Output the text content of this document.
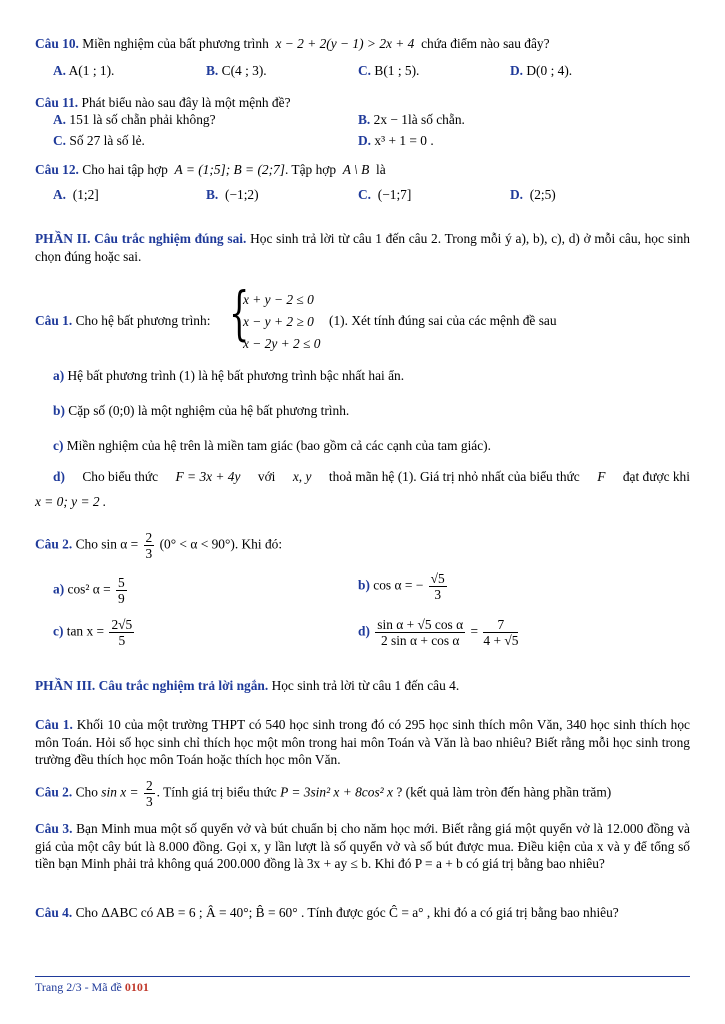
Câu 10. Miền nghiệm của bất phương trình x − 2 + 2(y − 1) > 2x + 4 chứa điểm nào sau đây?
A. A(1 ; 1).	B. C(4 ; 3).	C. B(1 ; 5).	D. D(0 ; 4).
Câu 11. Phát biểu nào sau đây là một mệnh đề?
A. 151 là số chẵn phải không?	B. 2x − 1là số chẵn.
C. Số 27 là số lẻ.	D. x³ + 1 = 0 .
Câu 12. Cho hai tập hợp A = (1;5]; B = (2;7]. Tập hợp A \ B là
A. (1;2]	B. (−1;2)	C. (−1;7]	D. (2;5)
PHẦN II. Câu trắc nghiệm đúng sai. Học sinh trả lời từ câu 1 đến câu 2. Trong mỗi ý a), b), c), d) ở mỗi câu, học sinh chọn đúng hoặc sai.
Câu 1. Cho hệ bất phương trình: {
x + y − 2 ≤ 0
x − y + 2 ≥ 0
x − 2y + 2 ≤ 0
(1). Xét tính đúng sai của các mệnh đề sau
a) Hệ bất phương trình (1) là hệ bất phương trình bậc nhất hai ẩn.
b) Cặp số (0;0) là một nghiệm của hệ bất phương trình.
c) Miền nghiệm của hệ trên là miền tam giác (bao gồm cả các cạnh của tam giác).
d) Cho biểu thức F = 3x + 4y với x, y thoả mãn hệ (1). Giá trị nhỏ nhất của biểu thức F đạt được khi
x = 0; y = 2 .
Câu 2. Cho $\sin \alpha = \frac{2}{3} (0^\circ < \alpha < 90^\circ)$. Khi đó:
a) cos² $\alpha = \frac{5}{9}$	b) cos α = − $\frac{√5}{3}$
c) $\tan x = \frac{2√5}{5}$	$d) \frac{\text{sin α + √5 cos α}}{\text{2 sin α + cos α}} = \frac{7}{4 + √5}$
PHẦN III. Câu trắc nghiệm trả lời ngắn. Học sinh trả lời từ câu 1 đến câu 4.
Câu 1. Khối 10 của một trường THPT có 540 học sinh trong đó có 295 học sinh thích môn Văn, 340 học sinh thích học môn Toán. Hỏi số học sinh chỉ thích học một môn trong hai môn Toán và Văn là bao nhiêu? Biết rằng mỗi học sinh trong trường đều thích học môn Toán hoặc thích học môn Văn.
Câu 2. Cho $\sin x = \frac{2}{3}$ . Tính giá trị biểu thức P = 3sin² x + 8cos² x ? (kết quả làm tròn đến hàng phần trăm)
Câu 3. Bạn Minh mua một số quyển vở và bút chuẩn bị cho năm học mới. Biết rằng giá một quyển vở là 12.000 đồng và giá của một cây bút là 8.000 đồng. Gọi x, y lần lượt là số quyển vở và số bút được mua. Điều kiện của x và y để tổng số tiền bạn Minh phải trả không quá 200.000 đồng là 3x + ay ≤ b. Khi đó P = a + b có giá trị bằng bao nhiêu?
Câu 4. Cho ΔABC có AB = 6 ; Â = 40°; B̂ = 60° . Tính được góc Ĉ = a° , khi đó a có giá trị bằng bao nhiêu?
Trang 2/3 - Mã đề 0101
